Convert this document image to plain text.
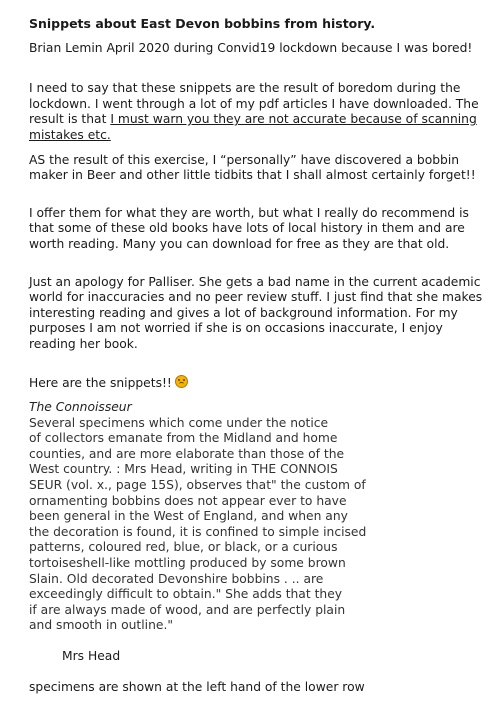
Snippets about East Devon bobbins from history.

Brian Lemin April 2020 during Convid19 lockdown because I was bored!

I need to say that these snippets are the result of boredom during the lockdown. I went through a lot of my pdf articles I have downloaded. The result is that I must warn you they are not accurate because of scanning mistakes etc.

AS the result of this exercise, I “personally” have discovered a bobbin maker in Beer and other little tidbits that I shall almost certainly forget!!

I offer them for what they are worth, but what I really do recommend is that some of these old books have lots of local history in them and are worth reading. Many you can download for free as they are that old.

Just an apology for Palliser. She gets a bad name in the current academic world for inaccuracies and no peer review stuff. I just find that she makes interesting reading and gives a lot of background information. For my purposes I am not worried if she is on occasions inaccurate, I enjoy reading her book.

Here are the snippets!!

The Connoisseur

Several specimens which come under the notice

of collectors emanate from the Midland and home

counties, and are more elaborate than those of the

West country. : Mrs Head, writing in THE CONNOIS

SEUR (vol. x., page 15S), observes that" the custom of

ornamenting bobbins does not appear ever to have

been general in the West of England, and when any

the decoration is found, it is confined to simple incised

patterns, coloured red, blue, or black, or a curious

tortoiseshell-like mottling produced by some brown

Slain. Old decorated Devonshire bobbins . .. are

exceedingly difficult to obtain." She adds that they

if are always made of wood, and are perfectly plain

and smooth in outline."

Mrs Head

specimens are shown at the left hand of the lower row
